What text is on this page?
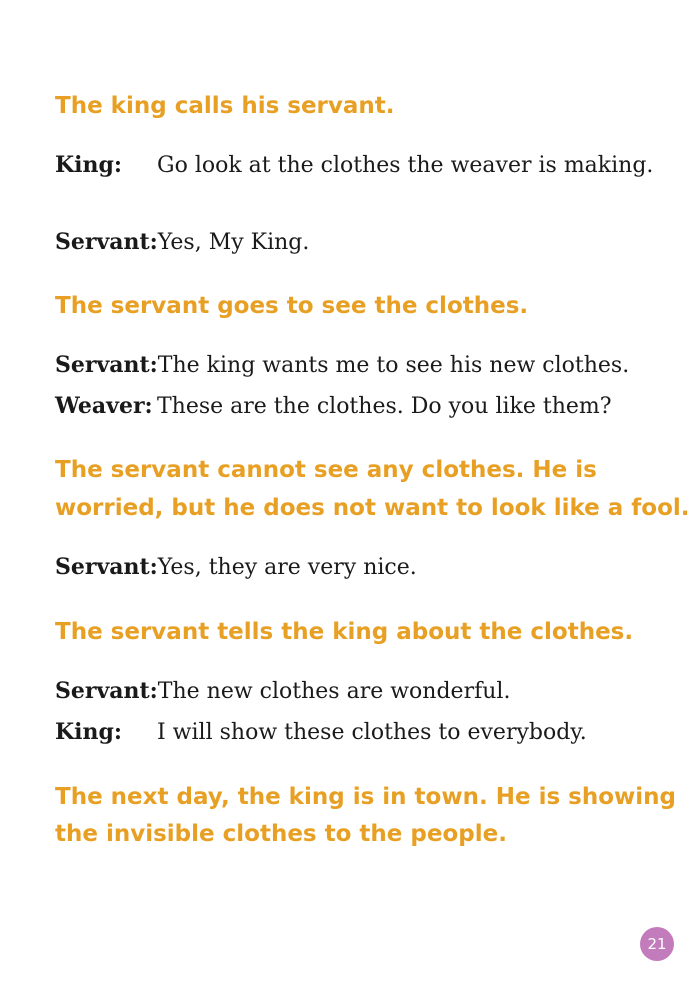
The king calls his servant.

King:	Go look at the clothes the weaver is making.
Servant: Yes, My King.

The servant goes to see the clothes.

Servant: The king wants me to see his new clothes.
Weaver: These are the clothes. Do you like them?

The servant cannot see any clothes. He is

worried, but he does not want to look like a fool.

Servant: Yes, they are very nice.

The servant tells the king about the clothes.

Servant: The new clothes are wonderful.
King:	I will show these clothes to everybody.

The next day, the king is in town. He is showing

the invisible clothes to the people.

21
